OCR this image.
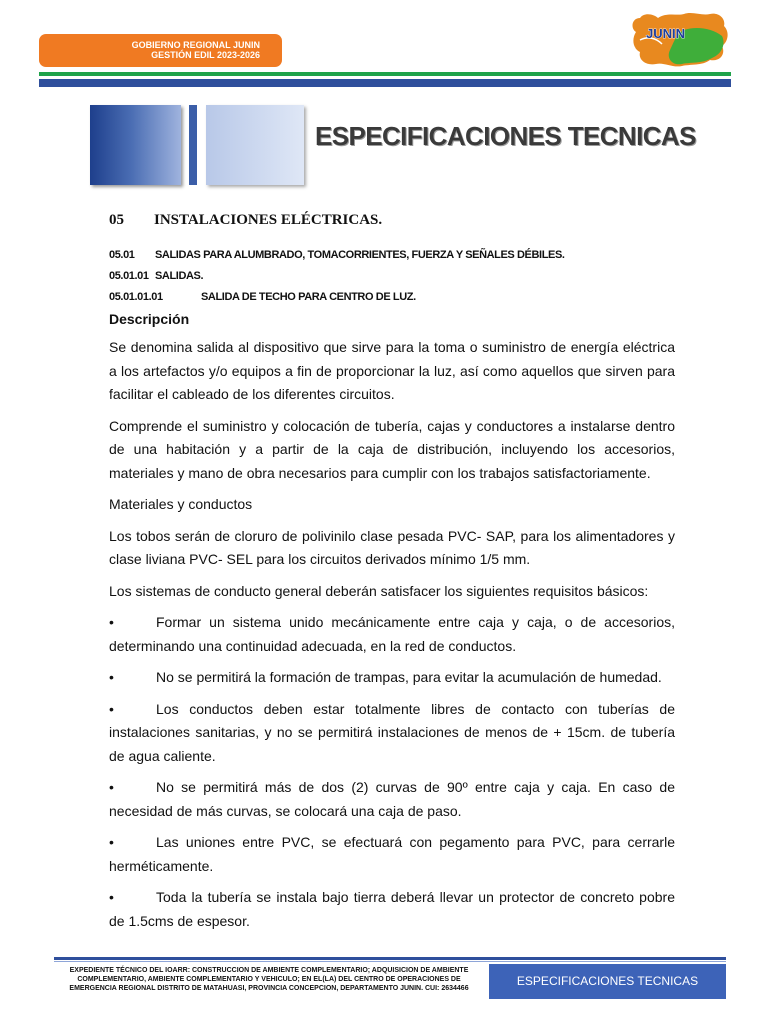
GOBIERNO REGIONAL JUNIN
GESTIÓN EDIL 2023-2026
JUNIN
ESPECIFICACIONES TECNICAS
05 INSTALACIONES ELÉCTRICAS.
05.01 SALIDAS PARA ALUMBRADO, TOMACORRIENTES, FUERZA Y SEÑALES DÉBILES.
05.01.01 SALIDAS.
05.01.01.01	SALIDA DE TECHO PARA CENTRO DE LUZ.
Descripción

Se denomina salida al dispositivo que sirve para la toma o suministro de energía eléctrica a los artefactos y/o equipos a fin de proporcionar la luz, así como aquellos que sirven para facilitar el cableado de los diferentes circuitos.

Comprende el suministro y colocación de tubería, cajas y conductores a instalarse dentro de una habitación y a partir de la caja de distribución, incluyendo los accesorios, materiales y mano de obra necesarios para cumplir con los trabajos satisfactoriamente.

Materiales y conductos

Los tobos serán de cloruro de polivinilo clase pesada PVC- SAP, para los alimentadores y clase liviana PVC- SEL para los circuitos derivados mínimo 1/5 mm.

Los sistemas de conducto general deberán satisfacer los siguientes requisitos básicos:

•	Formar un sistema unido mecánicamente entre caja y caja, o de accesorios, determinando una continuidad adecuada, en la red de conductos.

•	No se permitirá la formación de trampas, para evitar la acumulación de humedad.

•	Los conductos deben estar totalmente libres de contacto con tuberías de instalaciones sanitarias, y no se permitirá instalaciones de menos de + 15cm. de tubería de agua caliente.

•	No se permitirá más de dos (2) curvas de 90º entre caja y caja. En caso de necesidad de más curvas, se colocará una caja de paso.

•	Las uniones entre PVC, se efectuará con pegamento para PVC, para cerrarle herméticamente.

•	Toda la tubería se instala bajo tierra deberá llevar un protector de concreto pobre de 1.5cms de espesor.

EXPEDIENTE TÉCNICO DEL IOARR: CONSTRUCCION DE AMBIENTE COMPLEMENTARIO; ADQUISICION DE AMBIENTE COMPLEMENTARIO, AMBIENTE COMPLEMENTARIO Y VEHICULO; EN EL(LA) DEL CENTRO DE OPERACIONES DE EMERGENCIA REGIONAL DISTRITO DE MATAHUASI, PROVINCIA CONCEPCION, DEPARTAMENTO JUNIN. CUI: 2634466
ESPECIFICACIONES TECNICAS
